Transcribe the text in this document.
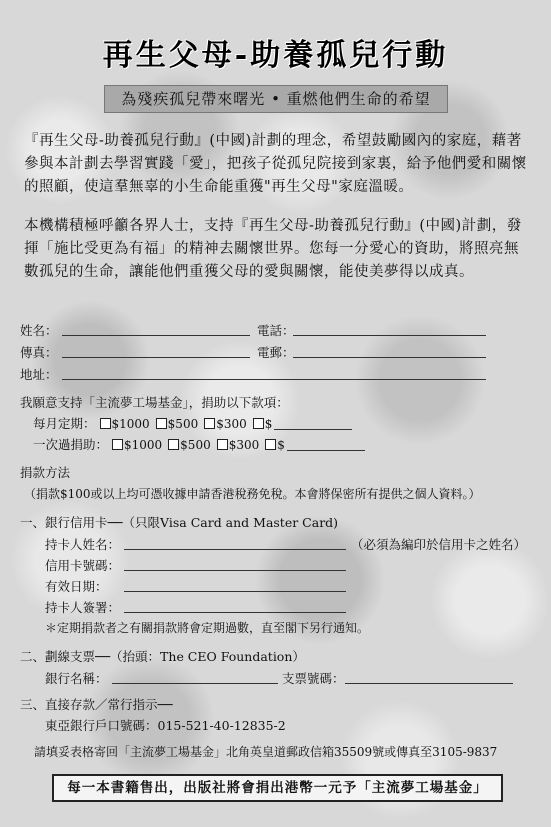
再生父母-助養孤兒行動
為殘疾孤兒帶來曙光 • 重燃他們生命的希望
『再生父母-助養孤兒行動』(中國)計劃的理念，希望鼓勵國內的家庭，藉著參與本計劃去學習實踐「愛」，把孩子從孤兒院接到家裏，給予他們愛和關懷的照顧，使這羣無辜的小生命能重獲"再生父母"家庭溫暖。
本機構積極呼籲各界人士，支持『再生父母-助養孤兒行動』(中國)計劃，發揮「施比受更為有福」的精神去關懷世界。您每一分愛心的資助，將照亮無數孤兒的生命，讓能他們重獲父母的愛與關懷，能使美夢得以成真。
姓名：	電話：
傳真：	電郵：
地址：
我願意支持「主流夢工場基金」，捐助以下款項：
每月定期： $1000 $500 $300 $
一次過捐助： $1000 $500 $300 $
捐款方法
（捐款$100或以上均可憑收據申請香港稅務免稅。本會將保密所有提供之個人資料。）
一、銀行信用卡──（只限Visa Card and Master Card)
持卡人姓名：	（必須為編印於信用卡之姓名）
信用卡號碼：
有效日期：
持卡人簽署：
＊定期捐款者之有關捐款將會定期過數，直至閣下另行通知。
二、劃線支票──（抬頭：The CEO Foundation）
銀行名稱：	支票號碼：
三、直接存款／常行指示──
東亞銀行戶口號碼：015-521-40-12835-2
請填妥表格寄回「主流夢工場基金」北角英皇道郵政信箱35509號或傳真至3105-9837
每一本書籍售出，出版社將會捐出港幣一元予「主流夢工場基金」
